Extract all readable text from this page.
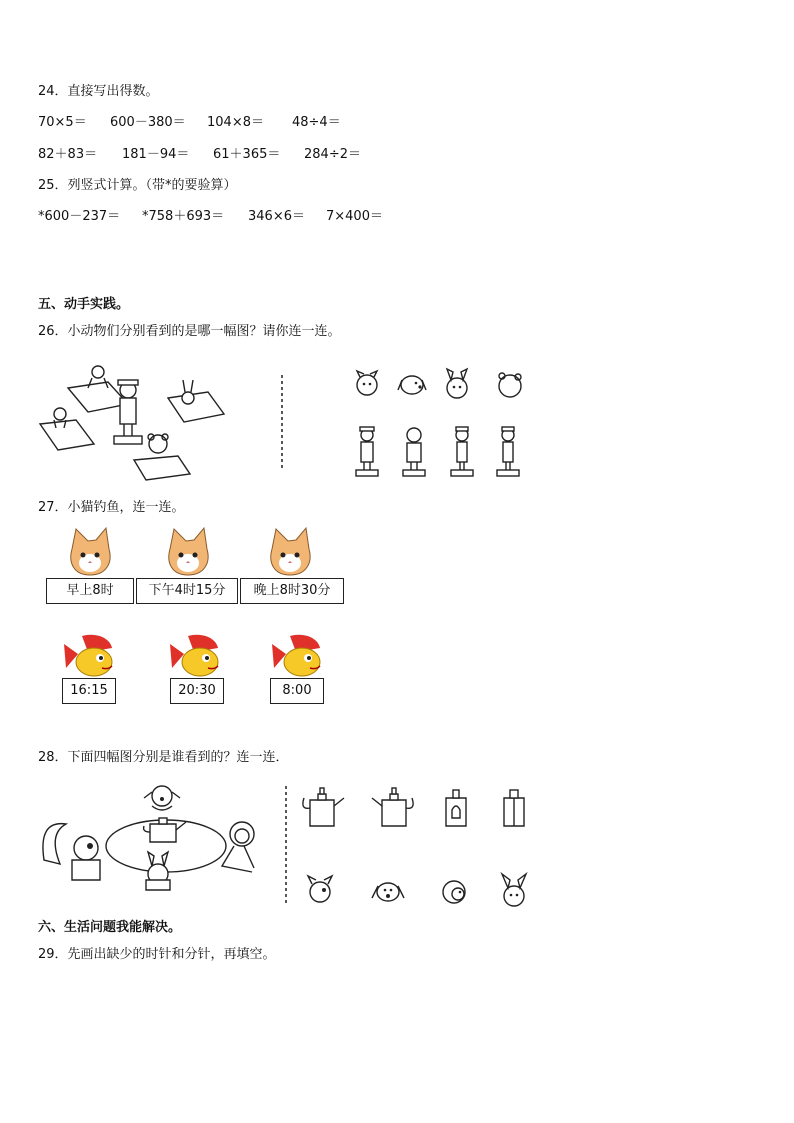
24．直接写出得数。
70×5＝ 600－380＝ 104×8＝ 48÷4＝
82＋83＝ 181－94＝ 61＋365＝ 284÷2＝
25．列竖式计算。（带*的要验算）
*600－237＝ *758＋693＝ 346×6＝ 7×400＝
五、动手实践。
26．小动物们分别看到的是哪一幅图？请你连一连。
27．小猫钓鱼，连一连。
早上8时	下午4时15分	晚上8时30分
16:15	20:30	8:00
28．下面四幅图分别是谁看到的？连一连．
六、生活问题我能解决。
29．先画出缺少的时针和分针，再填空。
